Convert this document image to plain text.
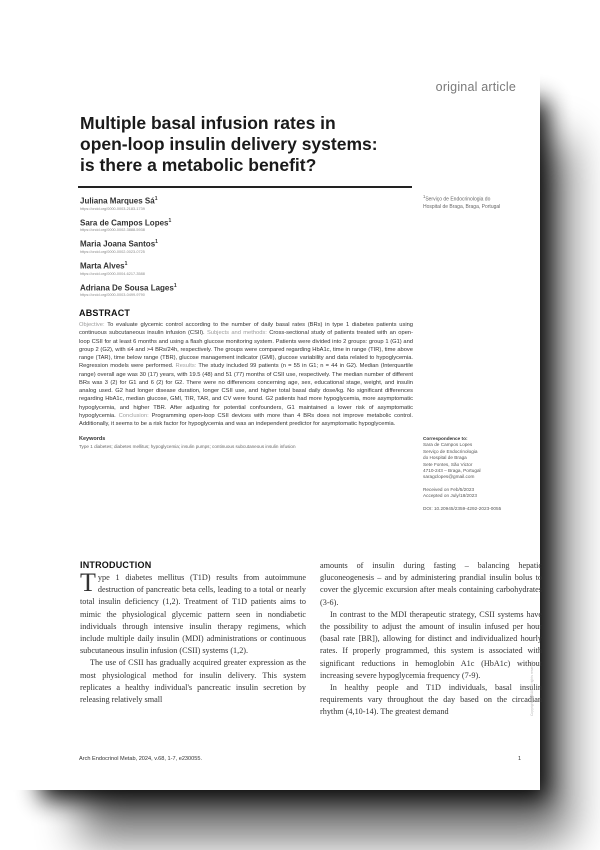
original article
Multiple basal infusion rates in
open-loop insulin delivery systems:
is there a metabolic benefit?
Juliana Marques $Sá^1$
https://orcid.org/0000-0003-2183-1739
Sara de Campos Lopes$^1$
https://orcid.org/0000-0002-3888-5938
Maria Joana Santos$^1$
https://orcid.org/0000-0002-0023-0725
Marta Alves$^1$
https://orcid.org/0000-0004-6217-3588
Adriana De Sousa Lages$^1$
https://orcid.org/0000-0003-0499-9790
$^1$Serviço de Endocrinologia do
Hospital de Braga, Braga, Portugal
ABSTRACT

Objective: To evaluate glycemic control according to the number of daily basal rates (BRs) in type 1 diabetes patients using continuous subcutaneous insulin infusion (CSII). Subjects and methods: Cross-sectional study of patients treated with an open-loop CSII for at least 6 months and using a flash glucose monitoring system. Patients were divided into 2 groups: group 1 (G1) and group 2 (G2), with ≤4 and >4 BRs/24h, respectively. The groups were compared regarding HbA1c, time in range (TIR), time above range (TAR), time below range (TBR), glucose management indicator (GMI), glucose variability and data related to hypoglycemia. Regression models were performed. Results: The study included 99 patients (n = 55 in G1; n = 44 in G2). Median (Interquartile range) overall age was 30 (17) years, with 19.5 (48) and 51 (77) months of CSII use, respectively. The median number of different BRs was 3 (2) for G1 and 6 (2) for G2. There were no differences concerning age, sex, educational stage, weight, and insulin analog used. G2 had longer disease duration, longer CSII use, and higher total basal daily dose/kg. No significant differences regarding HbA1c, median glucose, GMI, TIR, TAR, and CV were found. G2 patients had more hypoglycemia, more asymptomatic hypoglycemia, and higher TBR. After adjusting for potential confounders, G1 maintained a lower risk of asymptomatic hypoglycemia. Conclusion: Programming open-loop CSII devices with more than 4 BRs does not improve metabolic control. Additionally, it seems to be a risk factor for hypoglycemia and was an independent predictor for asymptomatic hypoglycemia.

Keywords

Type 1 diabetes; diabetes mellitus; hypoglycemia; insulin pumps; continuous subcutaneous insulin infusion

Correspondence to:
Sara de Campos Lopes
Serviço de Endocrinologia
do Hospital de Braga
Sete Fontes, São Victor
4710-243 – Braga, Portugal
saragclopes@gmail.com
Received on Feb/5/2023
Accepted on July/18/2023
DOI: 10.20945/2359-4292-2023-0055
INTRODUCTION

Type 1 diabetes mellitus (T1D) results from autoimmune destruction of pancreatic beta cells, leading to a total or nearly total insulin deficiency (1,2). Treatment of T1D patients aims to mimic the physiological glycemic pattern seen in nondiabetic individuals through intensive insulin therapy regimens, which include multiple daily insulin (MDI) administrations or continuous subcutaneous insulin infusion (CSII) systems (1,2).

The use of CSII has gradually acquired greater expression as the most physiological method for insulin delivery. This system replicates a healthy individual's pancreatic insulin secretion by releasing relatively small

amounts of insulin during fasting – balancing hepatic gluconeogenesis – and by administering prandial insulin bolus to cover the glycemic excursion after meals containing carbohydrates (3-6).

In contrast to the MDI therapeutic strategy, CSII systems have the possibility to adjust the amount of insulin infused per hour (basal rate [BR]), allowing for distinct and individualized hourly rates. If properly programmed, this system is associated with significant reductions in hemoglobin A1c (HbA1c) without increasing severe hypoglycemia frequency (7-9).

In healthy people and T1D individuals, basal insulin requirements vary throughout the day based on the circadian rhythm (4,10-14). The greatest demand	Copyright© AE&M all rights reserved.
Arch Endocrinol Metab, 2024, v.68, 1-7, e230055.	1
